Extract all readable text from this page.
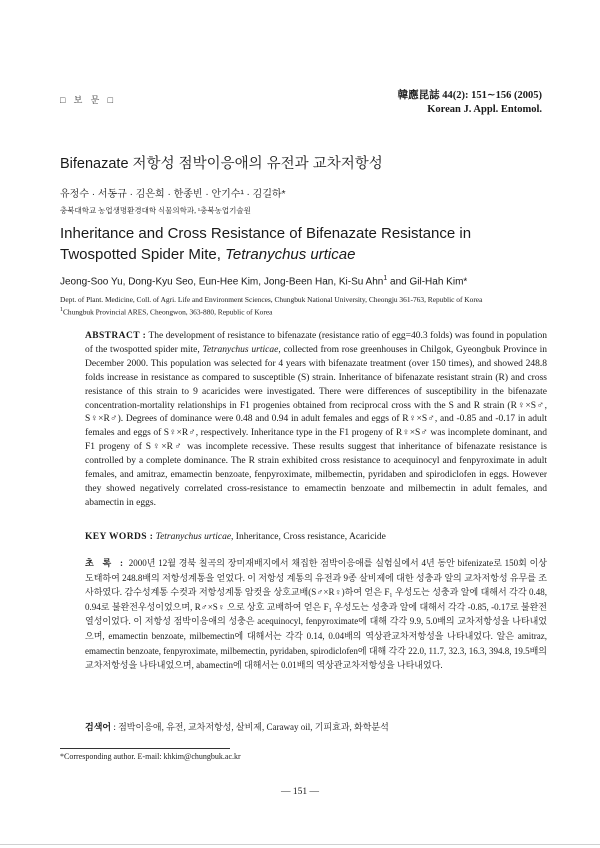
□ 보 문 □	韓應昆誌 44(2): 151∼156 (2005)
Korean J. Appl. Entomol.
Bifenazate 저항성 점박이응애의 유전과 교차저항성
유정수 · 서동규 · 김은희 · 한종빈 · 안기수¹ · 김길하*
충북대학교 농업생명환경대학 식물의학과, ¹충북농업기술원
Inheritance and Cross Resistance of Bifenazate Resistance in
Twospotted Spider Mite, Tetranychus urticae
Jeong-Soo Yu, Dong-Kyu Seo, Eun-Hee Kim, Jong-Been Han, Ki-Su Ahn$^1$ and Gil-Hah Kim*
Dept. of Plant. Medicine, Coll. of Agri. Life and Environment Sciences, Chungbuk National University, Cheongju 361-763, Republic of Korea
$^1$Chungbuk Provincial ARES, Cheongwon, 363-880, Republic of Korea
ABSTRACT : The development of resistance to bifenazate (resistance ratio of egg=40.3 folds) was found in population of the twospotted spider mite, Tetranychus urticae, collected from rose greenhouses in Chilgok, Gyeongbuk Province in December 2000. This population was selected for 4 years with bifenazate treatment (over 150 times), and showed 248.8 folds increase in resistance as compared to susceptible (S) strain. Inheritance of bifenazate resistant strain (R) and cross resistance of this strain to 9 acaricides were investigated. There were differences of susceptibility in the bifenazate concentration-mortality relationships in F1 progenies obtained from reciprocal cross with the S and R strain (R♀×S♂, S♀×R♂). Degrees of dominance were 0.48 and 0.94 in adult females and eggs of R♀×S♂, and -0.85 and -0.17 in adult females and eggs of S♀×R♂, respectively. Inheritance type in the F1 progeny of R♀×S♂ was incomplete dominant, and F1 progeny of S♀×R♂ was incomplete recessive. These results suggest that inheritance of bifenazate resistance is controlled by a complete dominance. The R strain exhibited cross resistance to acequinocyl and fenpyroximate in adult females, and amitraz, emamectin benzoate, fenpyroximate, milbemectin, pyridaben and spirodiclofen in eggs. However they showed negatively correlated cross-resistance to emamectin benzoate and milbemectin in adult females, and abamectin in eggs.
KEY WORDS : Tetranychus urticae, Inheritance, Cross resistance, Acaricide
초 록 : 2000년 12월 경북 칠곡의 장미재배지에서 채집한 점박이응애를 실험실에서 4년 동안 bifenizate로 150회 이상 도태하여 248.8배의 저항성계통을 얻었다. 이 저항성 계통의 유전과 9종 살비제에 대한 성충과 알의 교차저항성 유무를 조사하였다. 감수성계통 수컷과 저항성계통 암컷을 상호교배(S♂×R♀)하여 얻은 F₁ 우성도는 성충과 알에 대해서 각각 0.48, 0.94로 불완전우성이었으며, R♂×S♀ 으로 상호 교배하여 얻은 F₁ 우성도는 성충과 알에 대해서 각각 -0.85, -0.17로 불완전열성이었다. 이 저항성 점박이응애의 성충은 acequinocyl, fenpyroximate에 대해 각각 9.9, 5.0배의 교차저항성을 나타내었으며, emamectin benzoate, milbemectin에 대해서는 각각 0.14, 0.04배의 역상관교차저항성을 나타내었다. 알은 amitraz, emamectin benzoate, fenpyroximate, milbemectin, pyridaben, spirodiclofen에 대해 각각 22.0, 11.7, 32.3, 16.3, 394.8, 19.5배의 교차저항성을 나타내었으며, abamectin에 대해서는 0.01배의 역상관교차저항성을 나타내었다.
검색어 : 점박이응애, 유전, 교차저항성, 살비제, Caraway oil, 기피효과, 화학분석
*Corresponding author. E-mail: khkim@chungbuk.ac.kr
— 151 —
